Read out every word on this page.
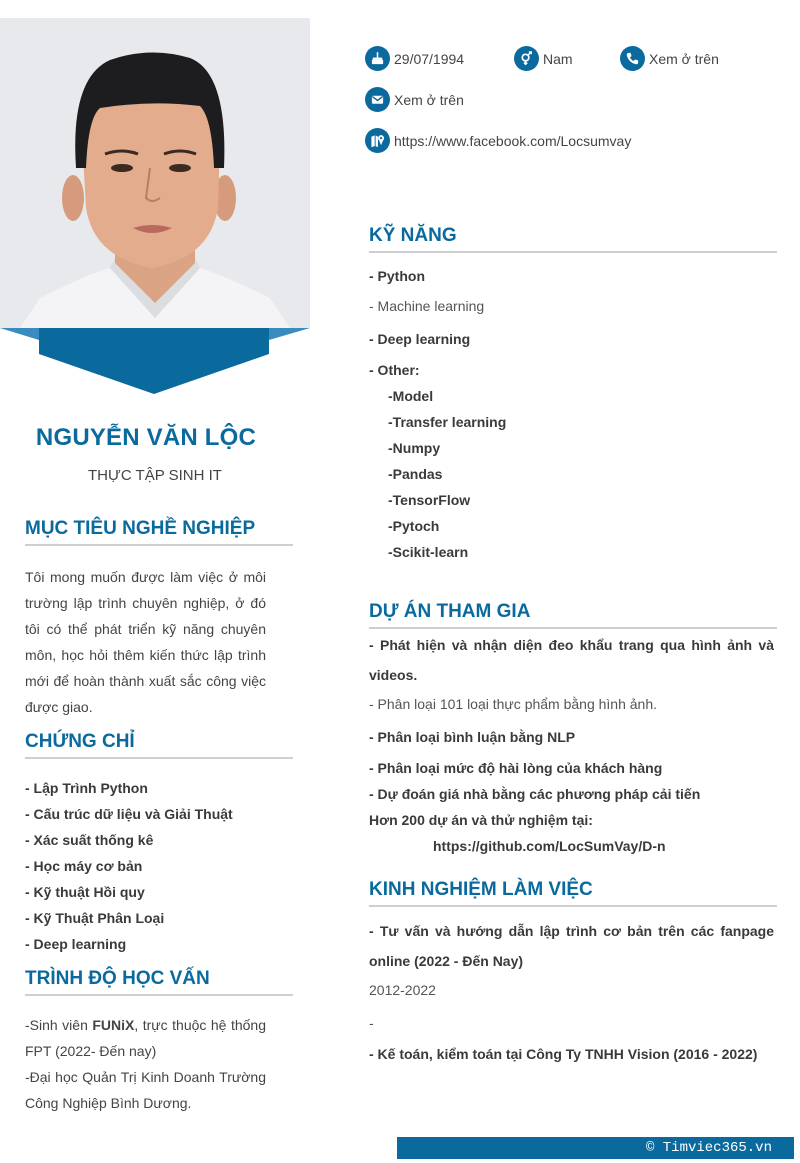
NGUYỄN VĂN LỘC
THỰC TẬP SINH IT
29/07/1994	Nam	Xem ở trên
Xem ở trên
https://www.facebook.com/Locsumvay
MỤC TIÊU NGHỀ NGHIỆP
Tôi mong muốn được làm việc ở môi trường lập trình chuyên nghiệp, ở đó tôi có thể phát triển kỹ năng chuyên môn, học hỏi thêm kiến thức lập trình mới để hoàn thành xuất sắc công việc được giao.
CHỨNG CHỈ
- Lập Trình Python
- Cấu trúc dữ liệu và Giải Thuật
- Xác suất thống kê
- Học máy cơ bản
- Kỹ thuật Hồi quy
- Kỹ Thuật Phân Loại
- Deep learning
TRÌNH ĐỘ HỌC VẤN
-Sinh viên FUNiX, trực thuộc hệ thống FPT (2022- Đến nay)
-Đại học Quản Trị Kinh Doanh Trường Công Nghiệp Bình Dương.
KỸ NĂNG
- Python
- Machine learning
- Deep learning
- Other:
-Model
-Transfer learning
-Numpy
-Pandas
-TensorFlow
-Pytoch
-Scikit-learn
DỰ ÁN THAM GIA
- Phát hiện và nhận diện đeo khẩu trang qua hình ảnh và videos.
- Phân loại 101 loại thực phẩm bằng hình ảnh.
- Phân loại bình luận bằng NLP
- Phân loại mức độ hài lòng của khách hàng
- Dự đoán giá nhà bằng các phương pháp cải tiến
Hơn 200 dự án và thử nghiệm tại:
https://github.com/LocSumVay/D-n
KINH NGHIỆM LÀM VIỆC
- Tư vấn và hướng dẫn lập trình cơ bản trên các fanpage online (2022 - Đến Nay)
2012-2022
-
- Kế toán, kiểm toán tại Công Ty TNHH Vision (2016 - 2022)
© Timviec365.vn
